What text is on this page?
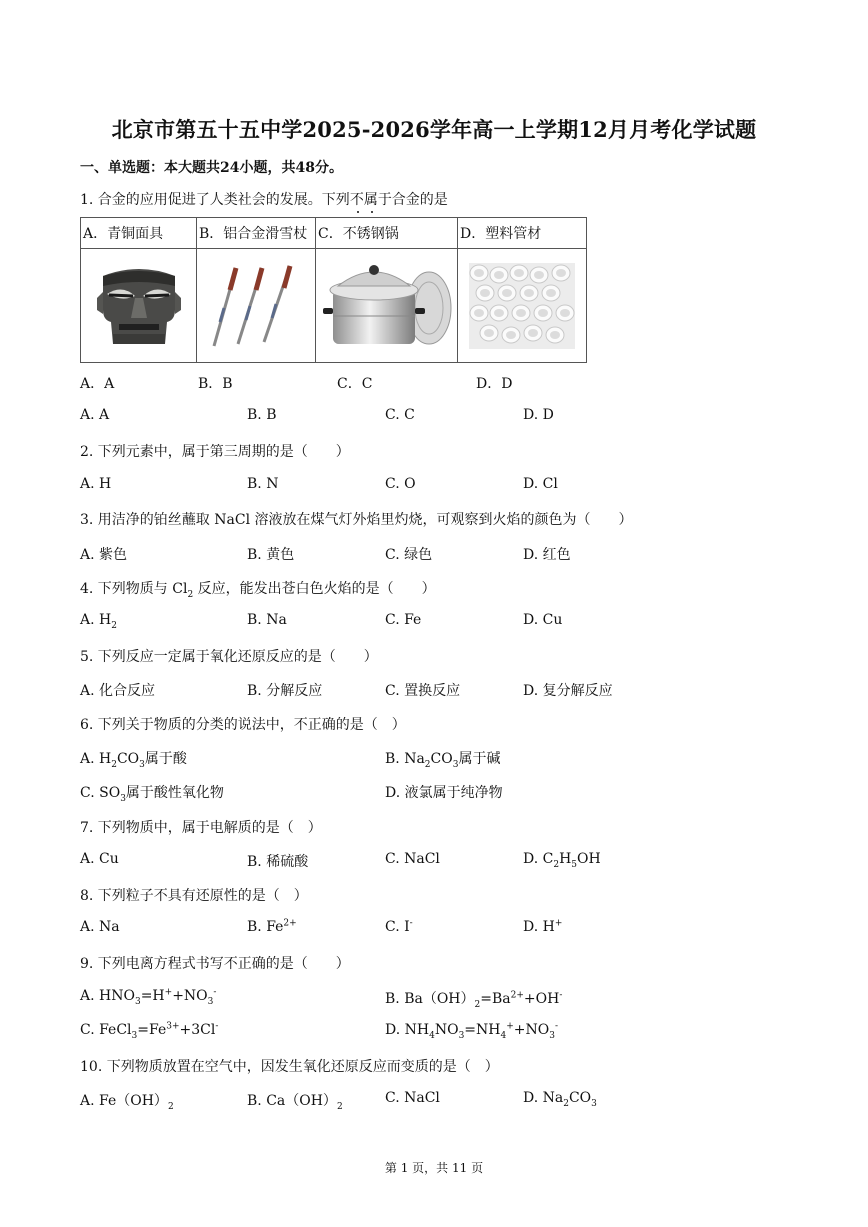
北京市第五十五中学2025-2026学年高一上学期12月月考化学试题
一、单选题：本大题共24小题，共48分。
1. 合金的应用促进了人类社会的发展。下列不属于合金的是
A．青铜面具	B．铝合金滑雪杖	C．不锈钢锅	D．塑料管材

A．A	B．B	C．C	D．D
A. A	B. B	C. C	D. D
2. 下列元素中，属于第三周期的是（　　）
A. H	B. N	C. O	D. Cl
3. 用洁净的铂丝蘸取 NaCl 溶液放在煤气灯外焰里灼烧，可观察到火焰的颜色为（　　）
A. 紫色	B. 黄色	C. 绿色	D. 红色
4. 下列物质与 $Cl_2$ 反应，能发出苍白色火焰的是（　　）
A. $H_2$	B. Na	C. Fe	D. Cu
5. 下列反应一定属于氧化还原反应的是（　　）
A. 化合反应	B. 分解反应	C. 置换反应	D. 复分解反应
6. 下列关于物质的分类的说法中，不正确的是（　）
A. $H_2CO_3$属于酸	B. $Na_2CO_3$属于碱
C. $SO_3$属于酸性氧化物	D. 液氯属于纯净物
7. 下列物质中，属于电解质的是（　）
A. Cu	B. 稀硫酸	C. NaCl	D. $C_2H_5OH$
8. 下列粒子不具有还原性的是（　）
A. Na	B. $Fe^{2+}$	C. I-	D. H+
9. 下列电离方程式书写不正确的是（　　）
A. $HNO_3=H^++NO_3^-$	B. $Ba(OH)_2=Ba^{2+}+OH^-$
C. $FeCl_3=Fe^{3+}+3Cl^-$	D. $NH_4NO_3=NH_4^++NO_3^-$
10. 下列物质放置在空气中，因发生氧化还原反应而变质的是（　）
A. $Fe(OH)_2$	B. $Ca(OH)_2$
C. NaCl	D. $Na_2CO_3$
第 1 页，共 11 页
